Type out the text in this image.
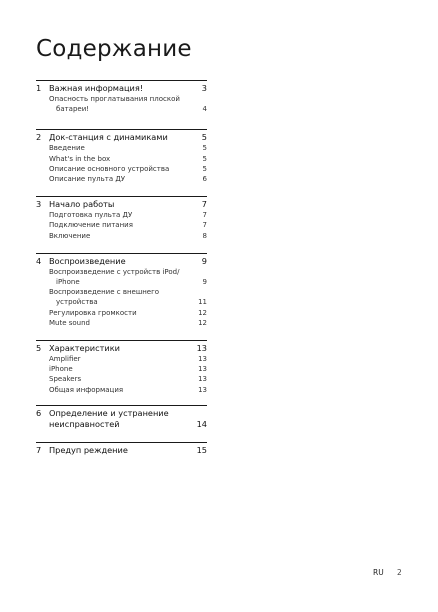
Содержание
1 Важная информация!	3
Опасность проглатывания плоской
батареи!	4
2 Док-станция с динамиками	5
Введение	5
What's in the box	5
Описание основного устройства	5
Описание пульта ДУ	6
3 Начало работы	7
Подготовка пульта ДУ	7
Подключение питания	7
Включение	8
4 Воспроизведение	9
Воспроизведение с устройств iPod/
iPhone	9
Воспроизведение с внешнего
устройства	11
Регулировка громкости	12
Mute sound	12
5 Характеристики	13
Amplifier	13
iPhone	13
Speakers	13
Общая информация	13
6 Определение и устранение
неисправностей	14
7 Предуп реждение	15
RU 2
